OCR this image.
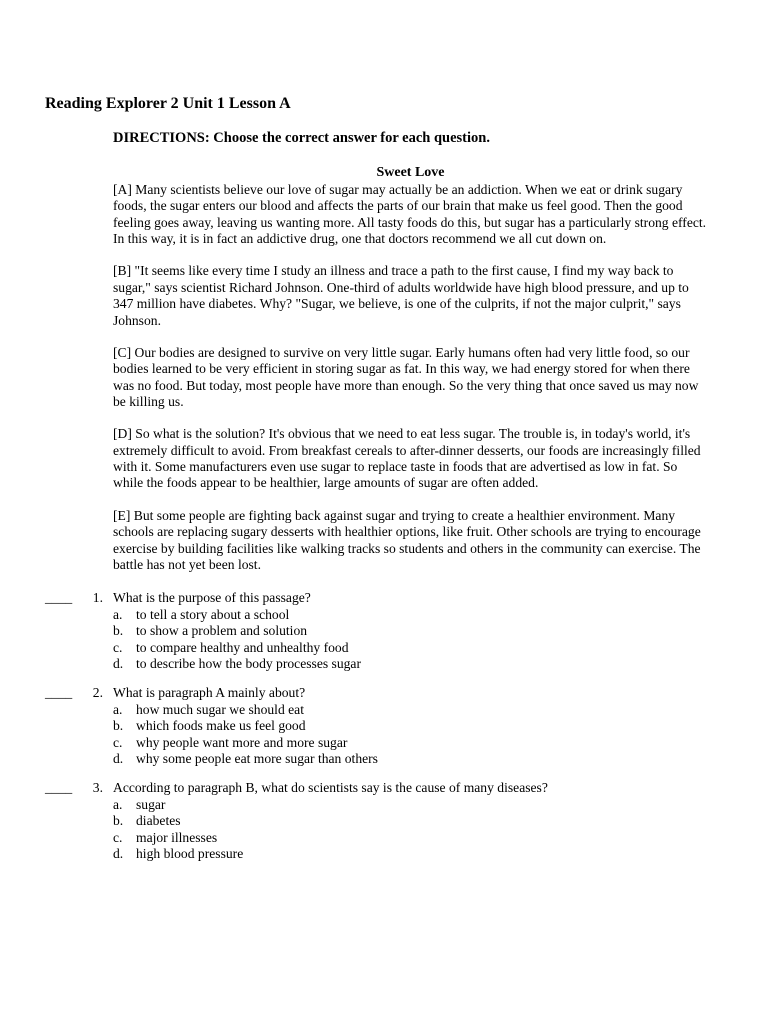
Reading Explorer 2 Unit 1 Lesson A
DIRECTIONS: Choose the correct answer for each question.
Sweet Love

[A] Many scientists believe our love of sugar may actually be an addiction. When we eat or drink sugary foods, the sugar enters our blood and affects the parts of our brain that make us feel good. Then the good feeling goes away, leaving us wanting more. All tasty foods do this, but sugar has a particularly strong effect. In this way, it is in fact an addictive drug, one that doctors recommend we all cut down on.

[B] "It seems like every time I study an illness and trace a path to the first cause, I find my way back to sugar," says scientist Richard Johnson. One-third of adults worldwide have high blood pressure, and up to 347 million have diabetes. Why? "Sugar, we believe, is one of the culprits, if not the major culprit," says Johnson.

[C] Our bodies are designed to survive on very little sugar. Early humans often had very little food, so our bodies learned to be very efficient in storing sugar as fat. In this way, we had energy stored for when there was no food. But today, most people have more than enough. So the very thing that once saved us may now be killing us.

[D] So what is the solution? It's obvious that we need to eat less sugar. The trouble is, in today's world, it's extremely difficult to avoid. From breakfast cereals to after-dinner desserts, our foods are increasingly filled with it. Some manufacturers even use sugar to replace taste in foods that are advertised as low in fat. So while the foods appear to be healthier, large amounts of sugar are often added.

[E] But some people are fighting back against sugar and trying to create a healthier environment. Many schools are replacing sugary desserts with healthier options, like fruit. Other schools are trying to encourage exercise by building facilities like walking tracks so students and others in the community can exercise. The battle has not yet been lost.

____ 1. What is the purpose of this passage?
a. to tell a story about a school
b. to show a problem and solution
c. to compare healthy and unhealthy food
d. to describe how the body processes sugar
____ 2. What is paragraph A mainly about?
a. how much sugar we should eat
b. which foods make us feel good
c. why people want more and more sugar
d. why some people eat more sugar than others
____ 3. According to paragraph B, what do scientists say is the cause of many diseases?
a. sugar
b. diabetes
c. major illnesses
d. high blood pressure
